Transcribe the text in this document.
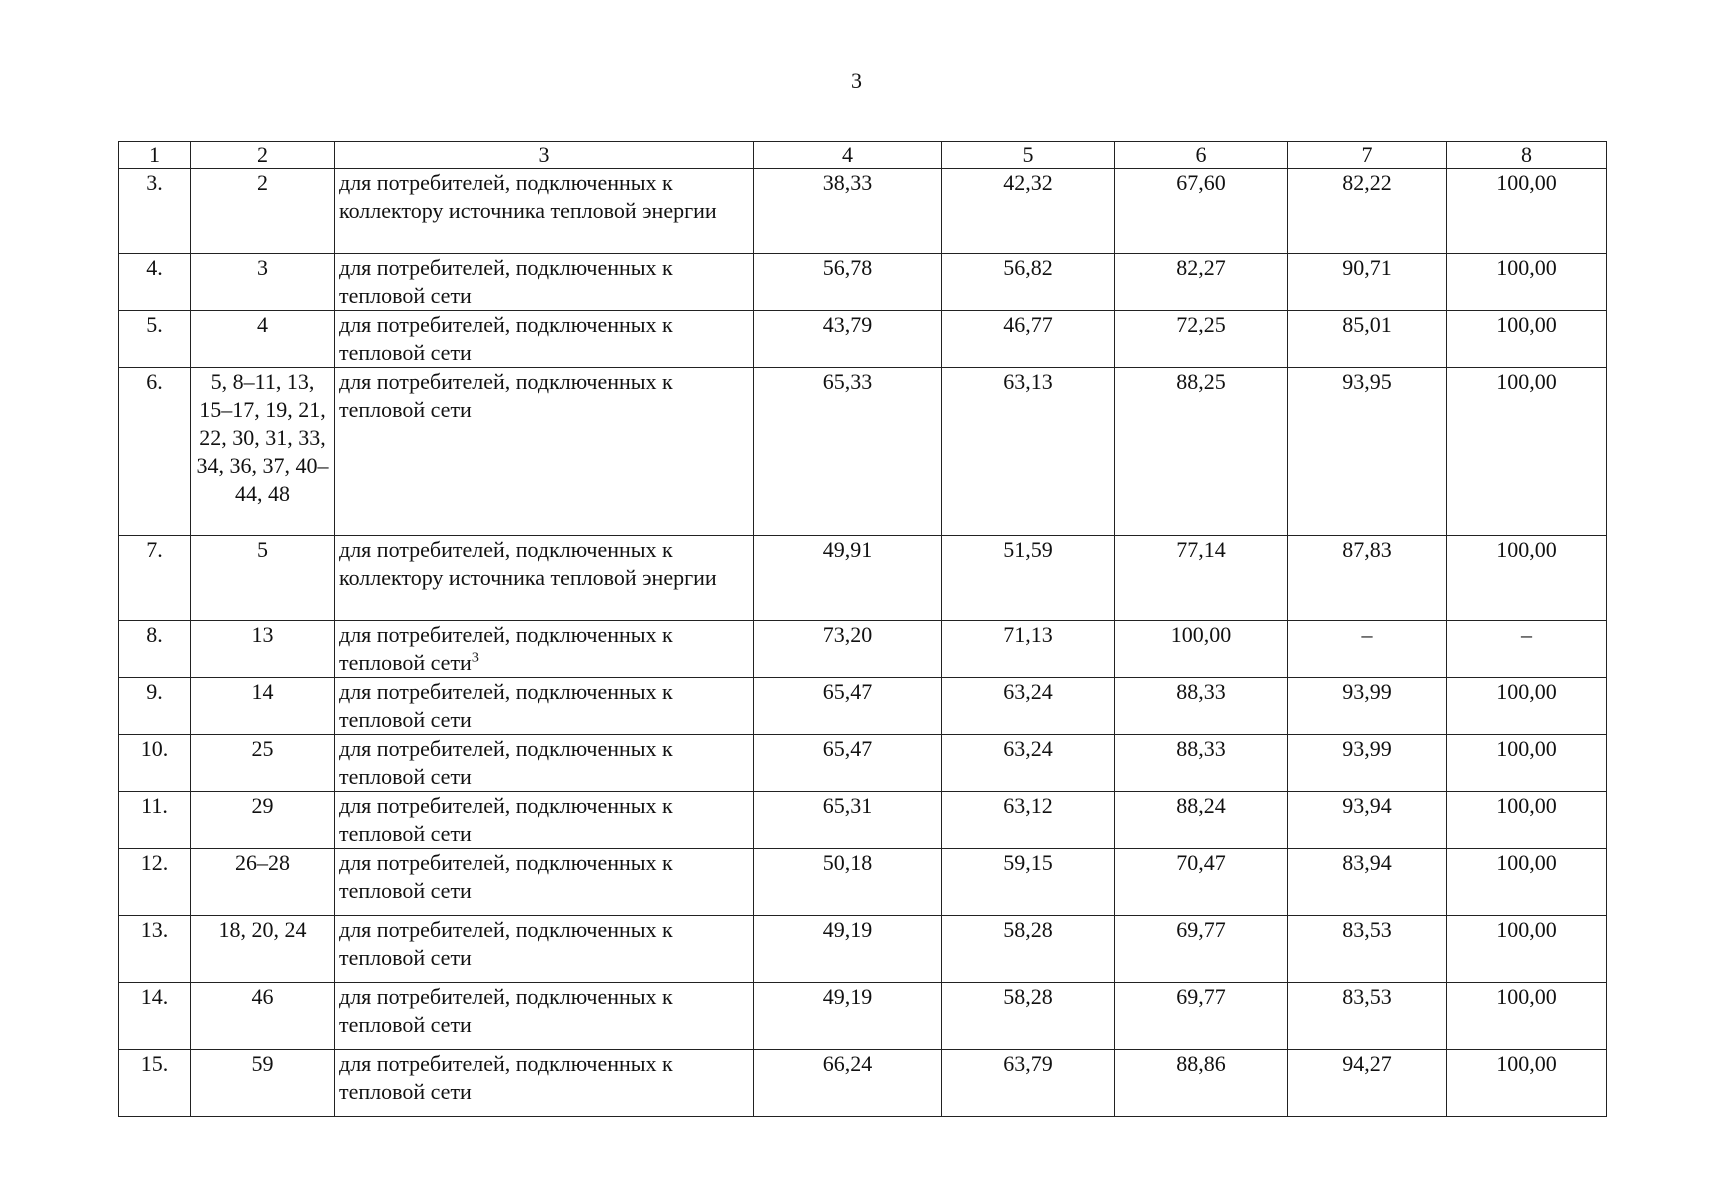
3
1	2	3	4	5	6	7	8
3.	2	для потребителей, подключенных к коллектору источника тепловой энергии	38,33	42,32	67,60	82,22	100,00
4.	3	для потребителей, подключенных к тепловой сети	56,78	56,82	82,27	90,71	100,00
5.	4	для потребителей, подключенных к тепловой сети	43,79	46,77	72,25	85,01	100,00
6.	5, 8–11, 13, 15–17, 19, 21, 22, 30, 31, 33, 34, 36, 37, 40–44, 48	для потребителей, подключенных к тепловой сети	65,33	63,13	88,25	93,95	100,00
7.	5	для потребителей, подключенных к коллектору источника тепловой энергии	49,91	51,59	77,14	87,83	100,00
8.	13	для потребителей, подключенных к тепловой сети$^3$	73,20	71,13	100,00	–	–
9.	14	для потребителей, подключенных к тепловой сети	65,47	63,24	88,33	93,99	100,00
10.	25	для потребителей, подключенных к тепловой сети	65,47	63,24	88,33	93,99	100,00
11.	29	для потребителей, подключенных к тепловой сети	65,31	63,12	88,24	93,94	100,00
12.	26–28	для потребителей, подключенных к тепловой сети	50,18	59,15	70,47	83,94	100,00
13.	18, 20, 24	для потребителей, подключенных к тепловой сети	49,19	58,28	69,77	83,53	100,00
14.	46	для потребителей, подключенных к тепловой сети	49,19	58,28	69,77	83,53	100,00
15.	59	для потребителей, подключенных к тепловой сети	66,24	63,79	88,86	94,27	100,00
